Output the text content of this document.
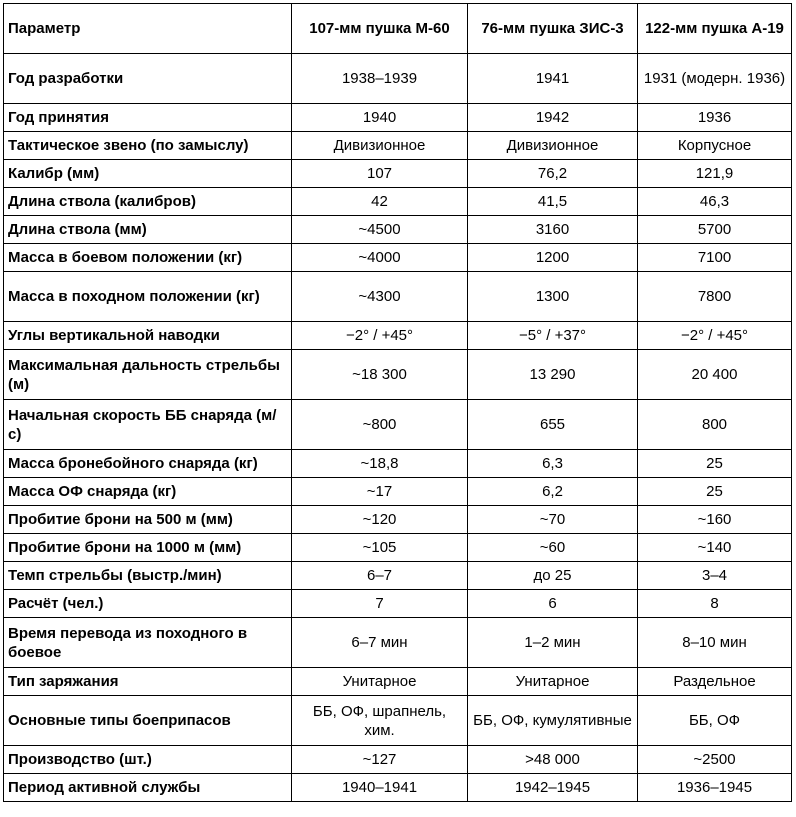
Параметр	107-мм пушка М-60	76-мм пушка ЗИС-3	122-мм пушка А-19
Год разработки	1938–1939	1941	1931 (модерн. 1936)
Год принятия	1940	1942	1936
Тактическое звено (по замыслу)	Дивизионное	Дивизионное	Корпусное
Калибр (мм)	107	76,2	121,9
Длина ствола (калибров)	42	41,5	46,3
Длина ствола (мм)	~4500	3160	5700
Масса в боевом положении (кг)	~4000	1200	7100
Масса в походном положении (кг)	~4300	1300	7800
Углы вертикальной наводки	−2° / +45°	−5° / +37°	−2° / +45°
Максимальная дальность стрельбы (м)	~18 300	13 290	20 400
Начальная скорость ББ снаряда (м/с)	~800	655	800
Масса бронебойного снаряда (кг)	~18,8	6,3	25
Масса ОФ снаряда (кг)	~17	6,2	25
Пробитие брони на 500 м (мм)	~120	~70	~160
Пробитие брони на 1000 м (мм)	~105	~60	~140
Темп стрельбы (выстр./мин)	6–7	до 25	3–4
Расчёт (чел.)	7	6	8
Время перевода из походного в боевое	6–7 мин	1–2 мин	8–10 мин
Тип заряжания	Унитарное	Унитарное	Раздельное
Основные типы боеприпасов	ББ, ОФ, шрапнель, хим.	ББ, ОФ, кумулятивные	ББ, ОФ
Производство (шт.)	~127	>48 000	~2500
Период активной службы	1940–1941	1942–1945	1936–1945
